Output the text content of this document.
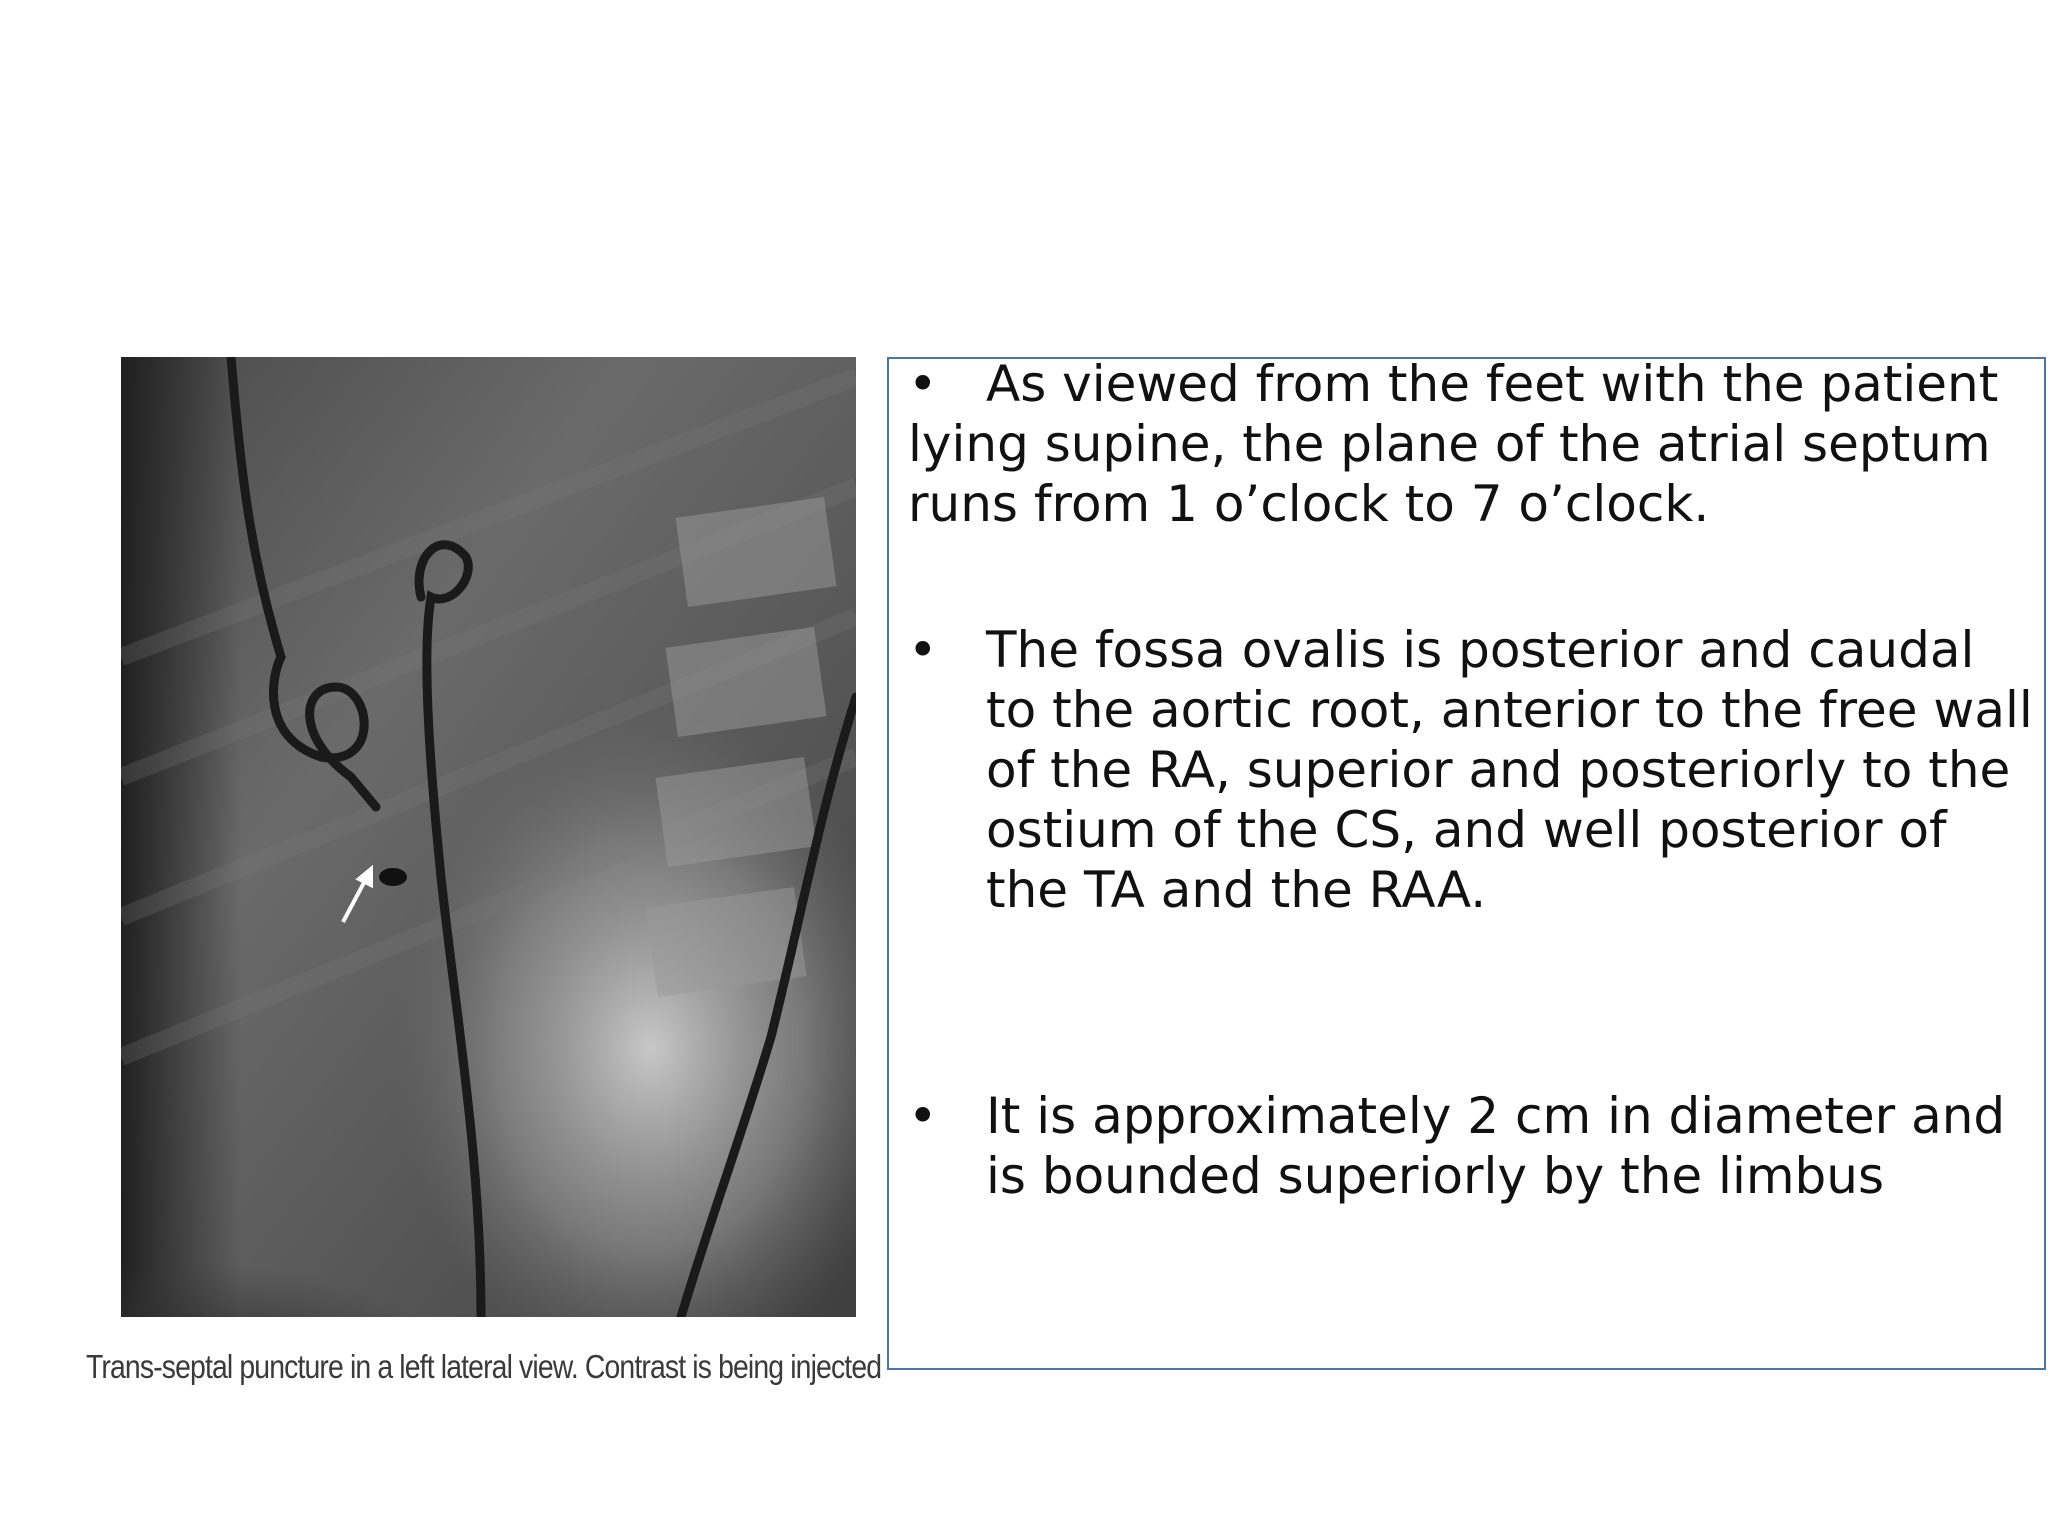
Trans-septal puncture in a left lateral view. Contrast is being injected

• As viewed from the feet with the patient lying supine, the plane of the atrial septum runs from 1 o’clock to 7 o’clock.

• The fossa ovalis is posterior and caudal to the aortic root, anterior to the free wall of the RA, superior and posteriorly to the ostium of the CS, and well posterior of the TA and the RAA.

• It is approximately 2 cm in diameter and is bounded superiorly by the limbus
